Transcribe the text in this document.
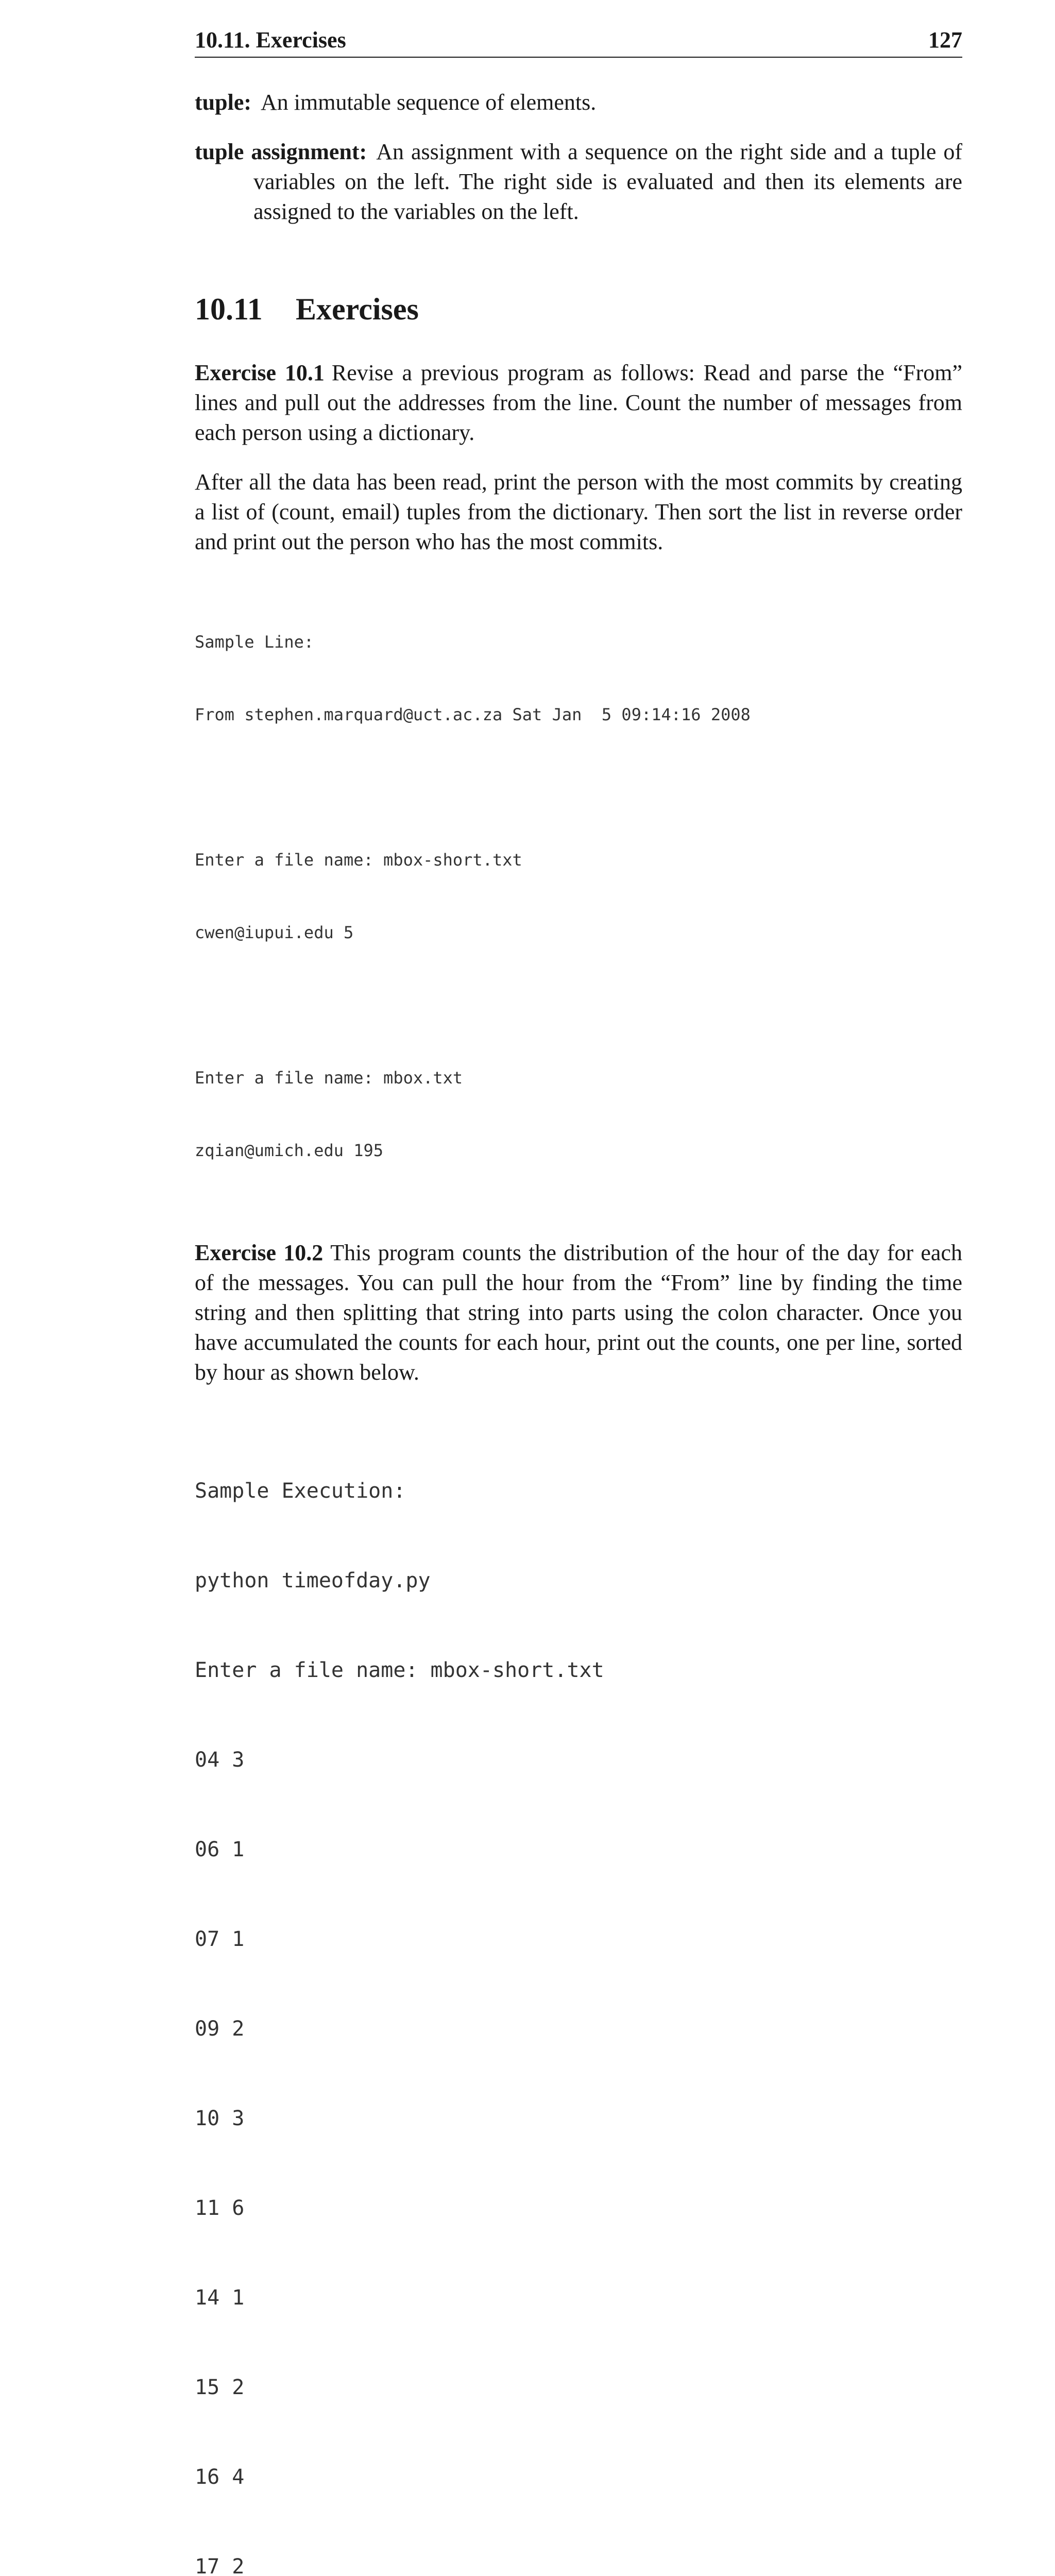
10.11. Exercises	127

tuple: An immutable sequence of elements.

tuple assignment: An assignment with a sequence on the right side and a tuple of variables on the left. The right side is evaluated and then its elements are assigned to the variables on the left.

10.11 Exercises

Exercise 10.1 Revise a previous program as follows: Read and parse the “From” lines and pull out the addresses from the line. Count the number of messages from each person using a dictionary.

After all the data has been read, print the person with the most commits by creating a list of (count, email) tuples from the dictionary. Then sort the list in reverse order and print out the person who has the most commits.

Sample Line:

From stephen.marquard@uct.ac.za Sat Jan  5 09:14:16 2008

Enter a file name: mbox-short.txt

cwen@iupui.edu 5

Enter a file name: mbox.txt

zqian@umich.edu 195

Exercise 10.2 This program counts the distribution of the hour of the day for each of the messages. You can pull the hour from the “From” line by finding the time string and then splitting that string into parts using the colon character. Once you have accumulated the counts for each hour, print out the counts, one per line, sorted by hour as shown below.

Sample Execution:

python timeofday.py

Enter a file name: mbox-short.txt

04 3

06 1

07 1

09 2

10 3

11 6

14 1

15 2

16 4

17 2
